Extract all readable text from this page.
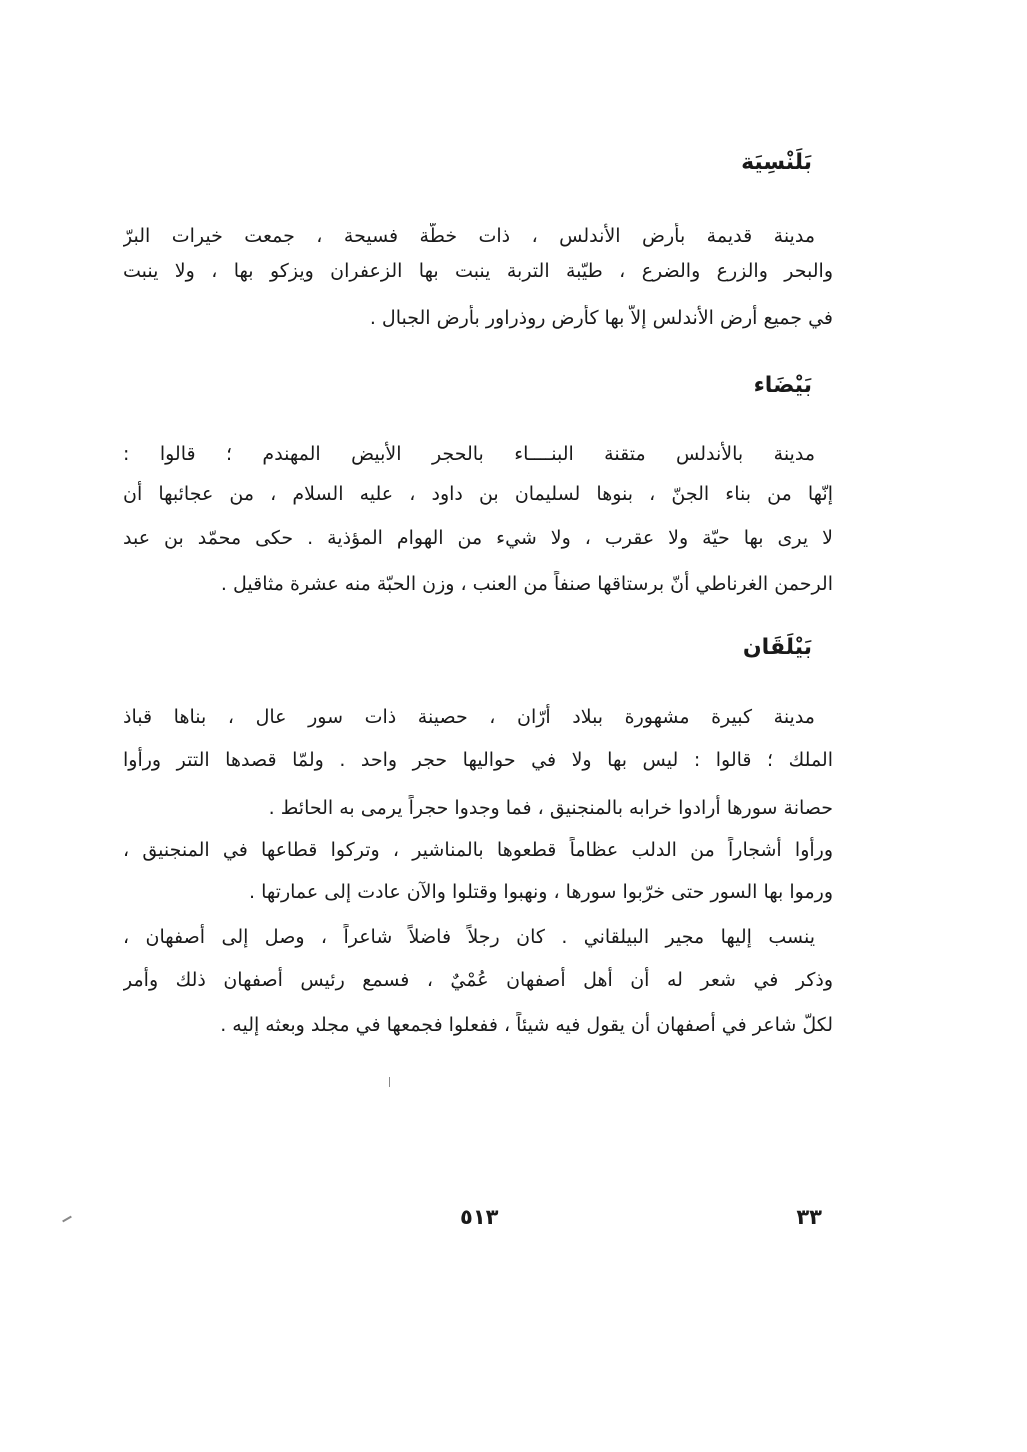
بَلَنْسِيَة
مدينة قديمة بأرض الأندلس ، ذات خطّة فسيحة ، جمعت خيرات البرّ
والبحر والزرع والضرع ، طيّبة التربة ينبت بها الزعفران ويزكو بها ، ولا ينبت
في جميع أرض الأندلس إلاّ بها كأرض روذراور بأرض الجبال .
بَيْضَاء
مدينة بالأندلس متقنة البنــــاء بالحجر الأبيض المهندم ؛ قالوا :
إنّها من بناء الجنّ ، بنوها لسليمان بن داود ، عليه السلام ، من عجائبها أن
لا يرى بها حيّة ولا عقرب ، ولا شيء من الهوام المؤذية . حكى محمّد بن عبد
الرحمن الغرناطي أنّ برستاقها صنفاً من العنب ، وزن الحبّة منه عشرة مثاقيل .
بَيْلَقَان
مدينة كبيرة مشهورة ببلاد أرّان ، حصينة ذات سور عال ، بناها قباذ
الملك ؛ قالوا : ليس بها ولا في حواليها حجر واحد . ولمّا قصدها التتر ورأوا
حصانة سورها أرادوا خرابه بالمنجنيق ، فما وجدوا حجراً يرمى به الحائط .
ورأوا أشجاراً من الدلب عظاماً قطعوها بالمناشير ، وتركوا قطاعها في المنجنيق ،
ورموا بها السور حتى خرّبوا سورها ، ونهبوا وقتلوا والآن عادت إلى عمارتها .
ينسب إليها مجير البيلقاني . كان رجلاً فاضلاً شاعراً ، وصل إلى أصفهان ،
وذكر في شعر له أن أهل أصفهان عُمْيٌ ، فسمع رئيس أصفهان ذلك وأمر
لكلّ شاعر في أصفهان أن يقول فيه شيئاً ، ففعلوا فجمعها في مجلد وبعثه إليه .
٣٣
٥١٣
